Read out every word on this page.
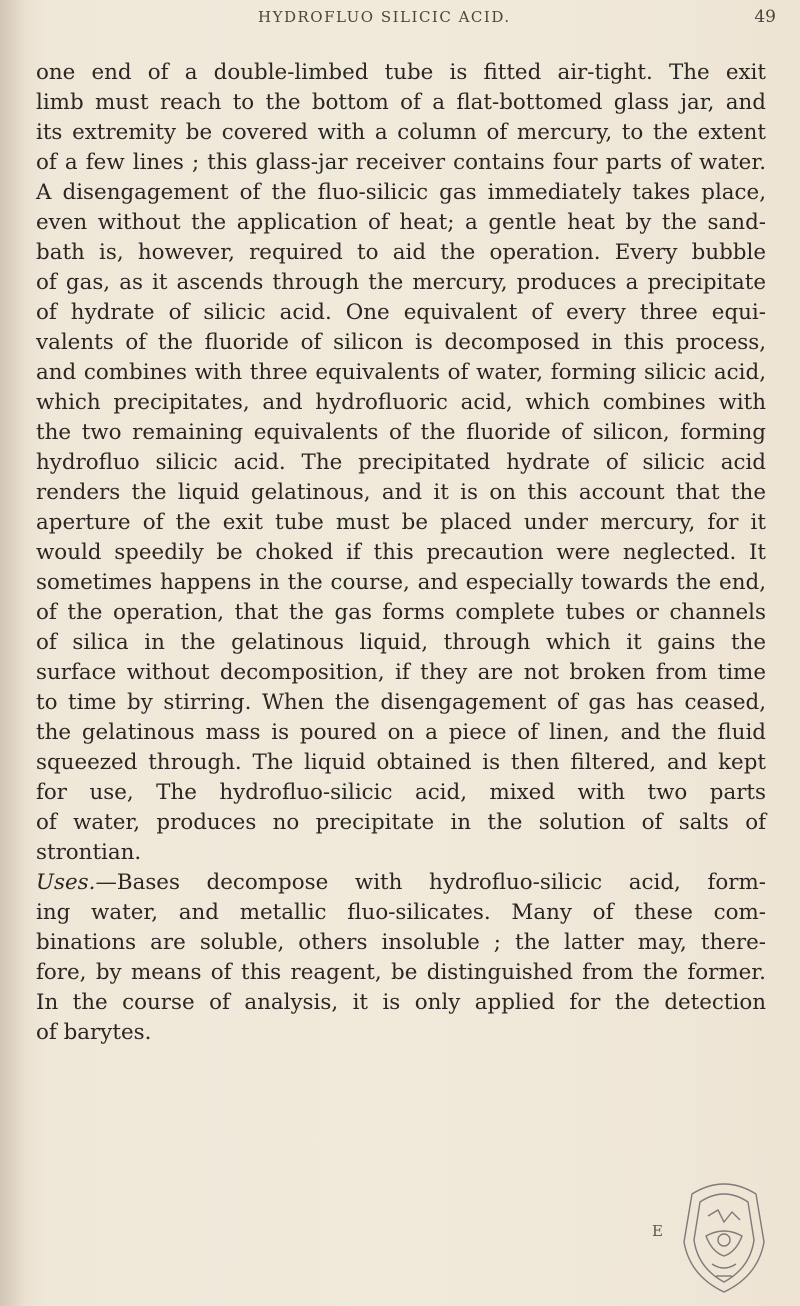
HYDROFLUO SILICIC ACID.	49
one end of a double-limbed tube is fitted air-tight. The exit
limb must reach to the bottom of a flat-bottomed glass jar, and
its extremity be covered with a column of mercury, to the extent
of a few lines ; this glass-jar receiver contains four parts of water.
A disengagement of the fluo-silicic gas immediately takes place,
even without the application of heat; a gentle heat by the sand-
bath is, however, required to aid the operation. Every bubble
of gas, as it ascends through the mercury, produces a precipitate
of hydrate of silicic acid. One equivalent of every three equi-
valents of the fluoride of silicon is decomposed in this process,
and combines with three equivalents of water, forming silicic acid,
which precipitates, and hydrofluoric acid, which combines with
the two remaining equivalents of the fluoride of silicon, forming
hydrofluo silicic acid. The precipitated hydrate of silicic acid
renders the liquid gelatinous, and it is on this account that the
aperture of the exit tube must be placed under mercury, for it
would speedily be choked if this precaution were neglected. It
sometimes happens in the course, and especially towards the end,
of the operation, that the gas forms complete tubes or channels
of silica in the gelatinous liquid, through which it gains the
surface without decomposition, if they are not broken from time
to time by stirring. When the disengagement of gas has ceased,
the gelatinous mass is poured on a piece of linen, and the fluid
squeezed through. The liquid obtained is then filtered, and kept
for use, The hydrofluo-silicic acid, mixed with two parts
of water, produces no precipitate in the solution of salts of
strontian.
Uses.—Bases decompose with hydrofluo-silicic acid, form-
ing water, and metallic fluo-silicates. Many of these com-
binations are soluble, others insoluble ; the latter may, there-
fore, by means of this reagent, be distinguished from the former.
In the course of analysis, it is only applied for the detection
of barytes.
E
